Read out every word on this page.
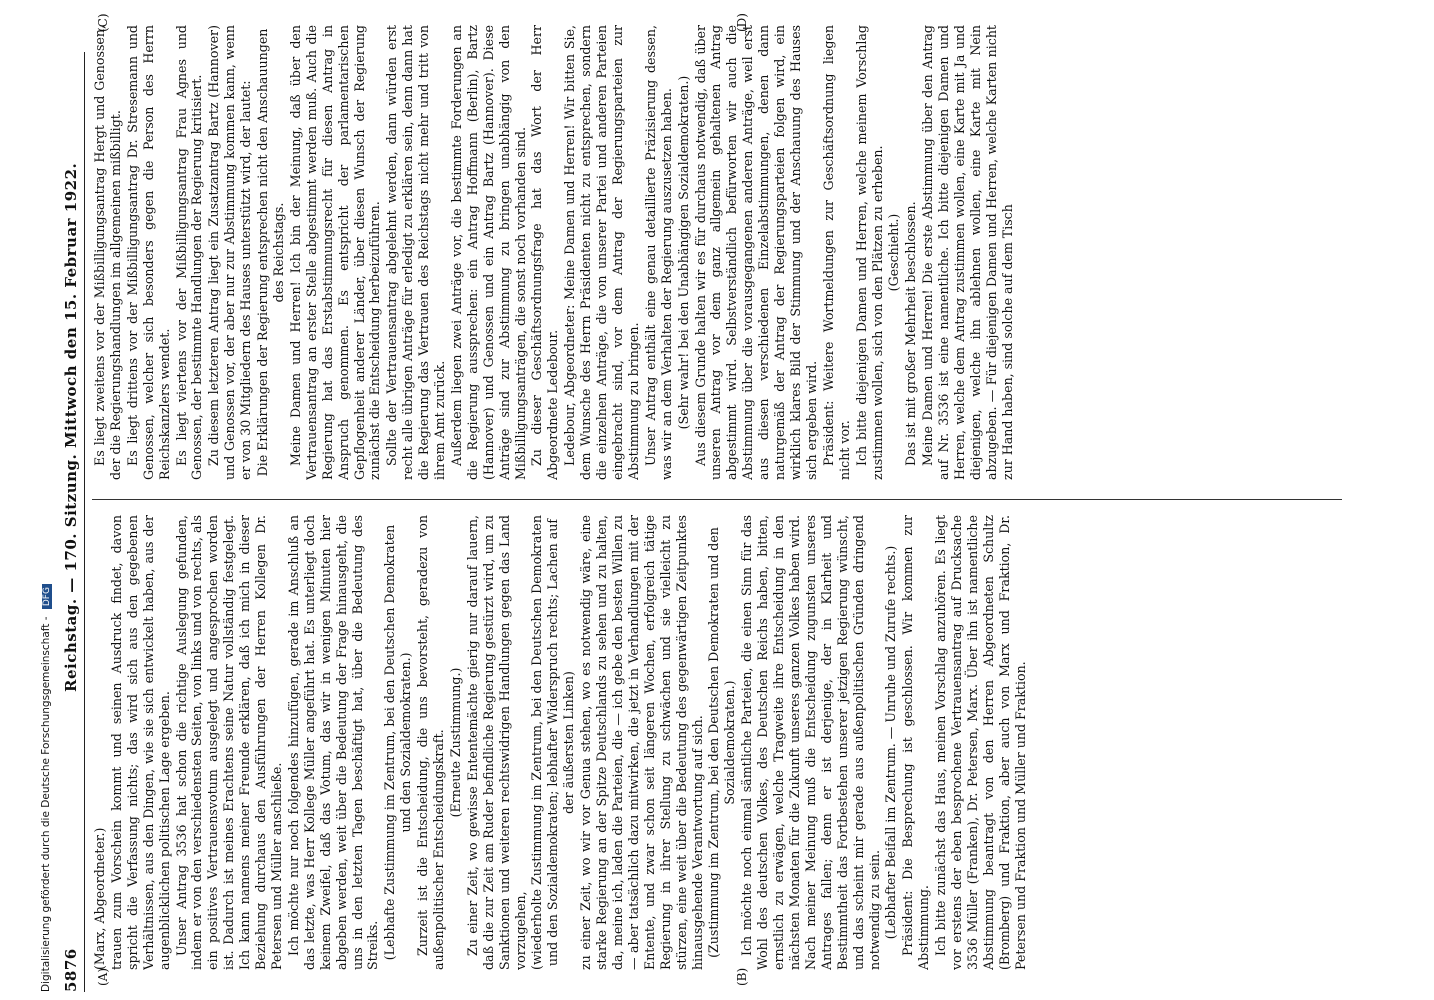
Digitalisierung gefördert durch die Deutsche Forschungsgemeinschaft - DFG
5876
Reichstag. — 170. Sitzung. Mittwoch den 15. Februar 1922.
(A)	(B)
(C)	(D)

(Marx, Abgeordneter.) trauen zum Vorschein kommt und seinen Ausdruck findet, davon spricht die Verfassung nichts; das wird sich aus den gegebenen Verhältnissen, aus den Dingen, wie sie sich entwickelt haben, aus der augenblicklichen politischen Lage ergeben. Unser Antrag 3536 hat schon die richtige Auslegung gefunden, indem er von den verschiedensten Seiten, von links und von rechts, als ein positives Vertrauensvotum ausgelegt und angesprochen worden ist. Dadurch ist meines Erachtens seine Natur vollständig festgelegt. Ich kann namens meiner Freunde erklären, daß ich mich in dieser Beziehung durchaus den Ausführungen der Herren Kollegen Dr. Petersen und Müller anschließe. Ich möchte nur noch folgendes hinzufügen, gerade im Anschluß an das letzte, was Herr Kollege Müller angeführt hat. Es unterliegt doch keinem Zweifel, daß das Votum, das wir in wenigen Minuten hier abgeben werden, weit über die Bedeutung der Frage hinausgeht, die uns in den letzten Tagen beschäftigt hat, über die Bedeutung des Streiks. (Lebhafte Zustimmung im Zentrum, bei den Deutschen Demokraten und den Sozialdemokraten.) Zurzeit ist die Entscheidung, die uns bevorsteht, geradezu von außenpolitischer Entscheidungskraft. (Erneute Zustimmung.) Zu einer Zeit, wo gewisse Ententemächte gierig nur darauf lauern, daß die zur Zeit am Ruder befindliche Regierung gestürzt wird, um zu Sanktionen und weiteren rechtswidrigen Handlungen gegen das Land vorzugehen, (wiederholte Zustimmung im Zentrum, bei den Deutschen Demokraten und den Sozialdemokraten; lebhafter Widerspruch rechts; Lachen auf der äußersten Linken) zu einer Zeit, wo wir vor Genua stehen, wo es notwendig wäre, eine starke Regierung an der Spitze Deutschlands zu sehen und zu halten, da, meine ich, laden die Parteien, die — ich gebe den besten Willen zu — aber tatsächlich dazu mitwirken, die jetzt in Verhandlungen mit der Entente, und zwar schon seit längeren Wochen, erfolgreich tätige Regierung in ihrer Stellung zu schwächen und sie vielleicht zu stürzen, eine weit über die Bedeutung des gegenwärtigen Zeitpunktes hinausgehende Verantwortung auf sich. (Zustimmung im Zentrum, bei den Deutschen Demokraten und den Sozialdemokraten.) Ich möchte noch einmal sämtliche Parteien, die einen Sinn für das Wohl des deutschen Volkes, des Deutschen Reichs haben, bitten, ernstlich zu erwägen, welche Tragweite ihre Entscheidung in den nächsten Monaten für die Zukunft unseres ganzen Volkes haben wird. Nach meiner Meinung muß die Entscheidung zugunsten unseres Antrages fallen; denn er ist derjenige, der in Klarheit und Bestimmtheit das Fortbestehen unserer jetzigen Regierung wünscht, und das scheint mir gerade aus außenpolitischen Gründen dringend notwendig zu sein. (Lebhafter Beifall im Zentrum. — Unruhe und Zurufe rechts.) Präsident: Die Besprechung ist geschlossen. Wir kommen zur Abstimmung. Ich bitte zunächst das Haus, meinen Vorschlag anzuhören. Es liegt vor erstens der eben besprochene Vertrauensantrag auf Drucksache 3536 Müller (Franken), Dr. Petersen, Marx. Über ihn ist namentliche Abstimmung beantragt von den Herren Abgeordneten Schultz (Bromberg) und Fraktion, aber auch von Marx und Fraktion, Dr. Petersen und Fraktion und Müller und Fraktion.

Es liegt zweitens vor der Mißbilligungsantrag Hergt und Genossen, der die Regierungshandlungen im allgemeinen mißbilligt. Es liegt drittens vor der Mißbilligungsantrag Dr. Stresemann und Genossen, welcher sich besonders gegen die Person des Herrn Reichskanzlers wendet. Es liegt viertens vor der Mißbilligungsantrag Frau Agnes und Genossen, der bestimmte Handlungen der Regierung kritisiert. Zu diesem letzteren Antrag liegt ein Zusatzantrag Bartz (Hannover) und Genossen vor, der aber nur zur Abstimmung kommen kann, wenn er von 30 Mitgliedern des Hauses unterstützt wird, der lautet: Die Erklärungen der Regierung entsprechen nicht den Anschauungen des Reichstags. Meine Damen und Herren! Ich bin der Meinung, daß über den Vertrauensantrag an erster Stelle abgestimmt werden muß. Auch die Regierung hat das Erstabstimmungsrecht für diesen Antrag in Anspruch genommen. Es entspricht der parlamentarischen Gepflogenheit anderer Länder, über diesen Wunsch der Regierung zunächst die Entscheidung herbeizuführen. Sollte der Vertrauensantrag abgelehnt werden, dann würden erst recht alle übrigen Anträge für erledigt zu erklären sein, denn dann hat die Regierung das Vertrauen des Reichstags nicht mehr und tritt von ihrem Amt zurück. Außerdem liegen zwei Anträge vor, die bestimmte Forderungen an die Regierung aussprechen: ein Antrag Hoffmann (Berlin), Bartz (Hannover) und Genossen und ein Antrag Bartz (Hannover). Diese Anträge sind zur Abstimmung zu bringen unabhängig von den Mißbilligungsanträgen, die sonst noch vorhanden sind. Zu dieser Geschäftsordnungsfrage hat das Wort der Herr Abgeordnete Ledebour. Ledebour, Abgeordneter: Meine Damen und Herren! Wir bitten Sie, dem Wunsche des Herrn Präsidenten nicht zu entsprechen, sondern die einzelnen Anträge, die von unserer Partei und anderen Parteien eingebracht sind, vor dem Antrag der Regierungsparteien zur Abstimmung zu bringen. Unser Antrag enthält eine genau detaillierte Präzisierung dessen, was wir an dem Verhalten der Regierung auszusetzen haben. (Sehr wahr! bei den Unabhängigen Sozialdemokraten.) Aus diesem Grunde halten wir es für durchaus notwendig, daß über unseren Antrag vor dem ganz allgemein gehaltenen Antrag abgestimmt wird. Selbstverständlich befürworten wir auch die Abstimmung über die vorausgegangenen anderen Anträge, weil erst aus diesen verschiedenen Einzelabstimmungen, denen dann naturgemäß der Antrag der Regierungsparteien folgen wird, ein wirklich klares Bild der Stimmung und der Anschauung des Hauses sich ergeben wird. Präsident: Weitere Wortmeldungen zur Geschäftsordnung liegen nicht vor. Ich bitte diejenigen Damen und Herren, welche meinem Vorschlag zustimmen wollen, sich von den Plätzen zu erheben. (Geschieht.) Das ist mit großer Mehrheit beschlossen. Meine Damen und Herren! Die erste Abstimmung über den Antrag auf Nr. 3536 ist eine namentliche. Ich bitte diejenigen Damen und Herren, welche dem Antrag zustimmen wollen, eine Karte mit Ja und diejenigen, welche ihn ablehnen wollen, eine Karte mit Nein abzugeben. — Für diejenigen Damen und Herren, welche Karten nicht zur Hand haben, sind solche auf dem Tisch
